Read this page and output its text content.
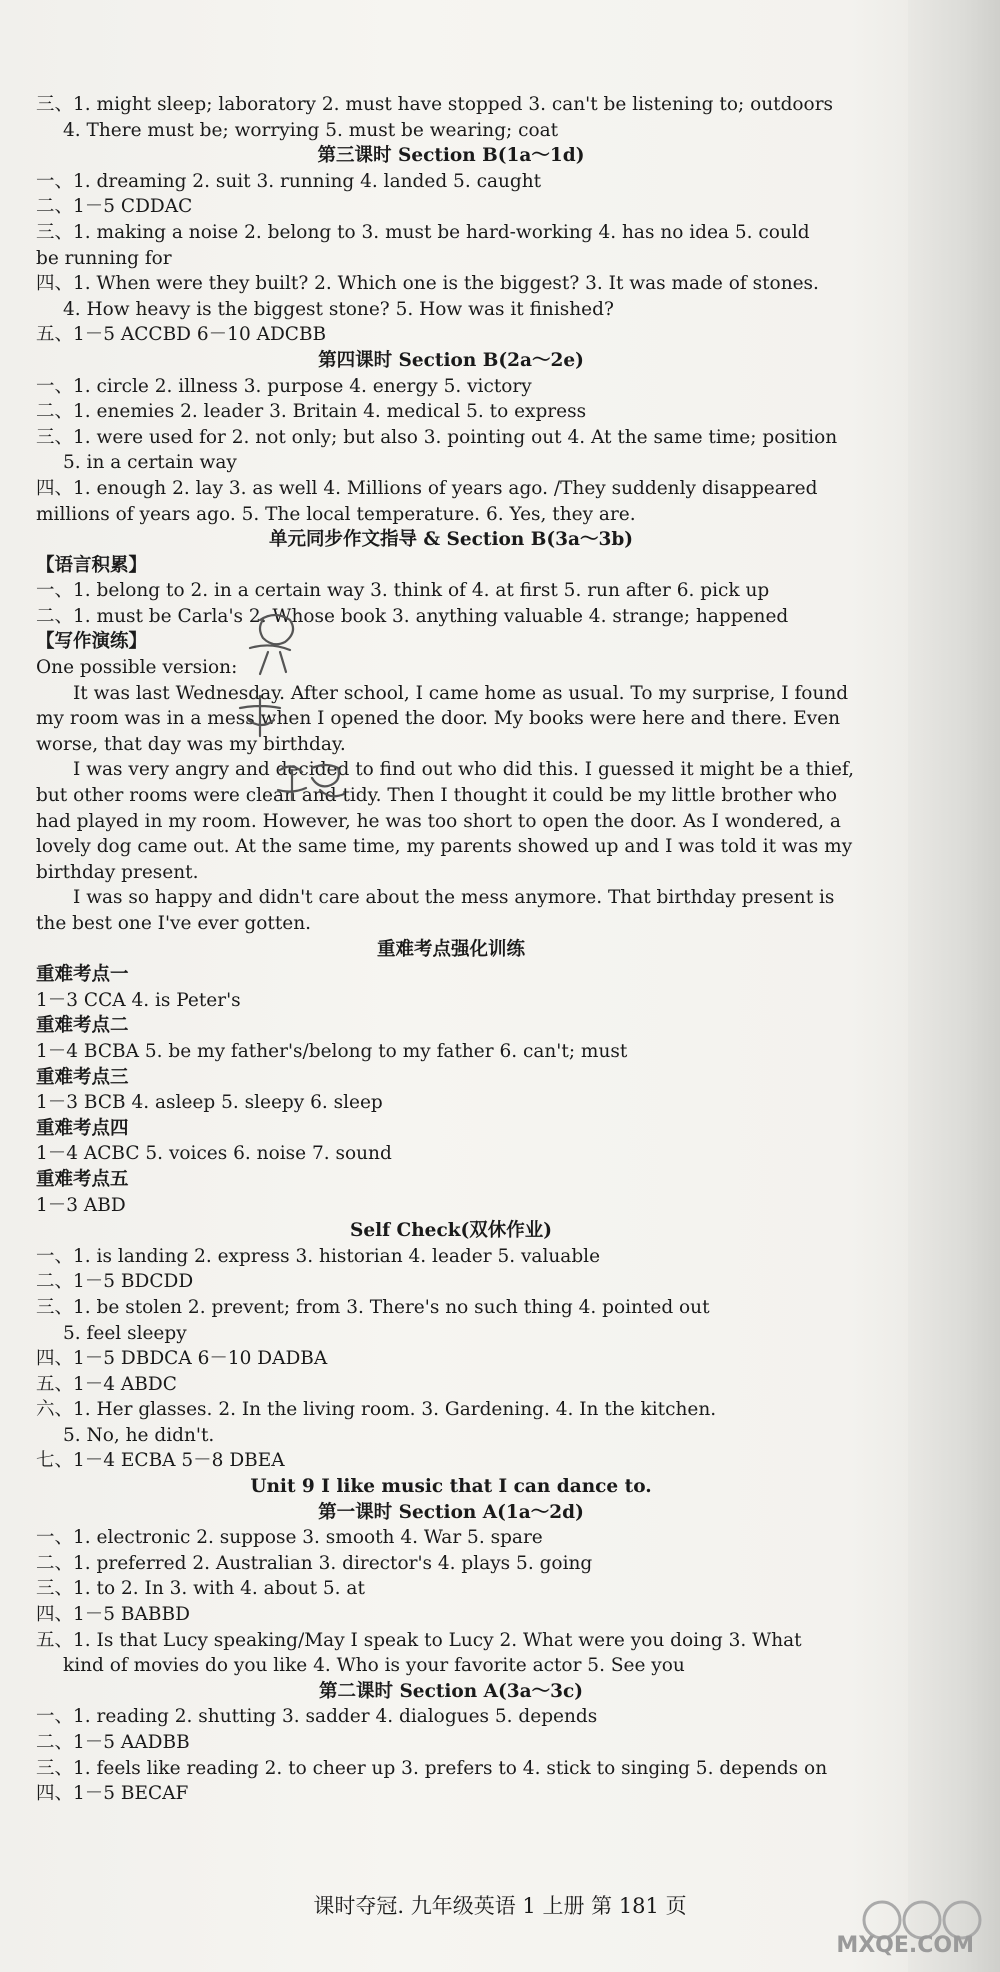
三、1. might sleep; laboratory 2. must have stopped 3. can't be listening to; outdoors
4. There must be; worrying 5. must be wearing; coat
第三课时 Section B(1a～1d)
一、1. dreaming 2. suit 3. running 4. landed 5. caught
二、1－5 CDDAC
三、1. making a noise 2. belong to 3. must be hard-working 4. has no idea 5. could
be running for
四、1. When were they built? 2. Which one is the biggest? 3. It was made of stones.
4. How heavy is the biggest stone? 5. How was it finished?
五、1－5 ACCBD 6－10 ADCBB
第四课时 Section B(2a～2e)
一、1. circle 2. illness 3. purpose 4. energy 5. victory
二、1. enemies 2. leader 3. Britain 4. medical 5. to express
三、1. were used for 2. not only; but also 3. pointing out 4. At the same time; position
5. in a certain way
四、1. enough 2. lay 3. as well 4. Millions of years ago. /They suddenly disappeared
millions of years ago. 5. The local temperature. 6. Yes, they are.
单元同步作文指导 & Section B(3a～3b)
【语言积累】
一、1. belong to 2. in a certain way 3. think of 4. at first 5. run after 6. pick up
二、1. must be Carla's 2. Whose book 3. anything valuable 4. strange; happened
【写作演练】
One possible version:
It was last Wednesday. After school, I came home as usual. To my surprise, I found my room was in a mess when I opened the door. My books were here and there. Even worse, that day was my birthday.
I was very angry and decided to find out who did this. I guessed it might be a thief, but other rooms were clean and tidy. Then I thought it could be my little brother who had played in my room. However, he was too short to open the door. As I wondered, a lovely dog came out. At the same time, my parents showed up and I was told it was my birthday present.
I was so happy and didn't care about the mess anymore. That birthday present is the best one I've ever gotten.
重难考点强化训练
重难考点一
1－3 CCA 4. is Peter's
重难考点二
1－4 BCBA 5. be my father's/belong to my father 6. can't; must
重难考点三
1－3 BCB 4. asleep 5. sleepy 6. sleep
重难考点四
1－4 ACBC 5. voices 6. noise 7. sound
重难考点五
1－3 ABD
Self Check(双休作业)
一、1. is landing 2. express 3. historian 4. leader 5. valuable
二、1－5 BDCDD
三、1. be stolen 2. prevent; from 3. There's no such thing 4. pointed out
5. feel sleepy
四、1－5 DBDCA 6－10 DADBA
五、1－4 ABDC
六、1. Her glasses. 2. In the living room. 3. Gardening. 4. In the kitchen.
5. No, he didn't.
七、1－4 ECBA 5－8 DBEA
Unit 9 I like music that I can dance to.
第一课时 Section A(1a～2d)
一、1. electronic 2. suppose 3. smooth 4. War 5. spare
二、1. preferred 2. Australian 3. director's 4. plays 5. going
三、1. to 2. In 3. with 4. about 5. at
四、1－5 BABBD
五、1. Is that Lucy speaking/May I speak to Lucy 2. What were you doing 3. What
kind of movies do you like 4. Who is your favorite actor 5. See you
第二课时 Section A(3a～3c)
一、1. reading 2. shutting 3. sadder 4. dialogues 5. depends
二、1－5 AADBB
三、1. feels like reading 2. to cheer up 3. prefers to 4. stick to singing 5. depends on
四、1－5 BECAF
课时夺冠. 九年级英语 1 上册 第 181 页
MXQE.COM
